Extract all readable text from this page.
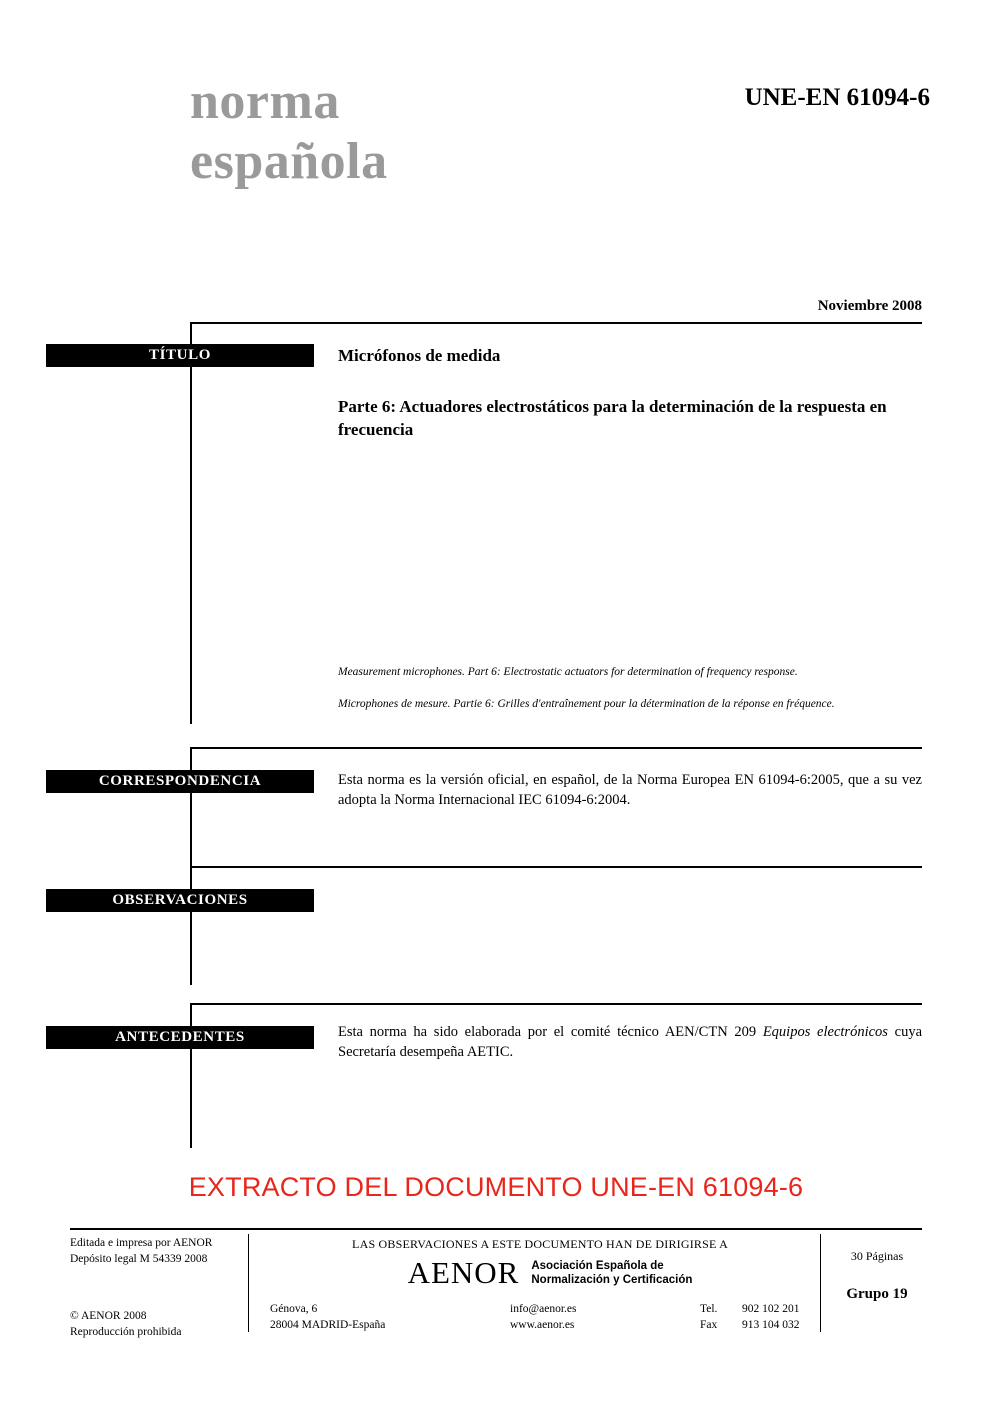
norma
española
UNE-EN 61094-6
Noviembre 2008
TÍTULO	Micrófonos de medida
Parte 6: Actuadores electrostáticos para la determinación de la respuesta en frecuencia
Measurement microphones. Part 6: Electrostatic actuators for determination of frequency response.
Microphones de mesure. Partie 6: Grilles d'entraînement pour la détermination de la réponse en fréquence.
CORRESPONDENCIA	Esta norma es la versión oficial, en español, de la Norma Europea EN 61094-6:2005, que a su vez adopta la Norma Internacional IEC 61094-6:2004.
OBSERVACIONES
ANTECEDENTES	Esta norma ha sido elaborada por el comité técnico AEN/CTN 209 Equipos electrónicos cuya Secretaría desempeña AETIC.
EXTRACTO DEL DOCUMENTO UNE-EN 61094-6
Editada e impresa por AENOR
Depósito legal M 54339 2008
© AENOR 2008
Reproducción prohibida
LAS OBSERVACIONES A ESTE DOCUMENTO HAN DE DIRIGIRSE A
AENOR Asociación Española de
Normalización y Certificación
Génova, 6
28004 MADRID-España
info@aenor.es
www.aenor.es
Tel.	902 102 201
Fax	913 104 032
30 Páginas
Grupo 19
